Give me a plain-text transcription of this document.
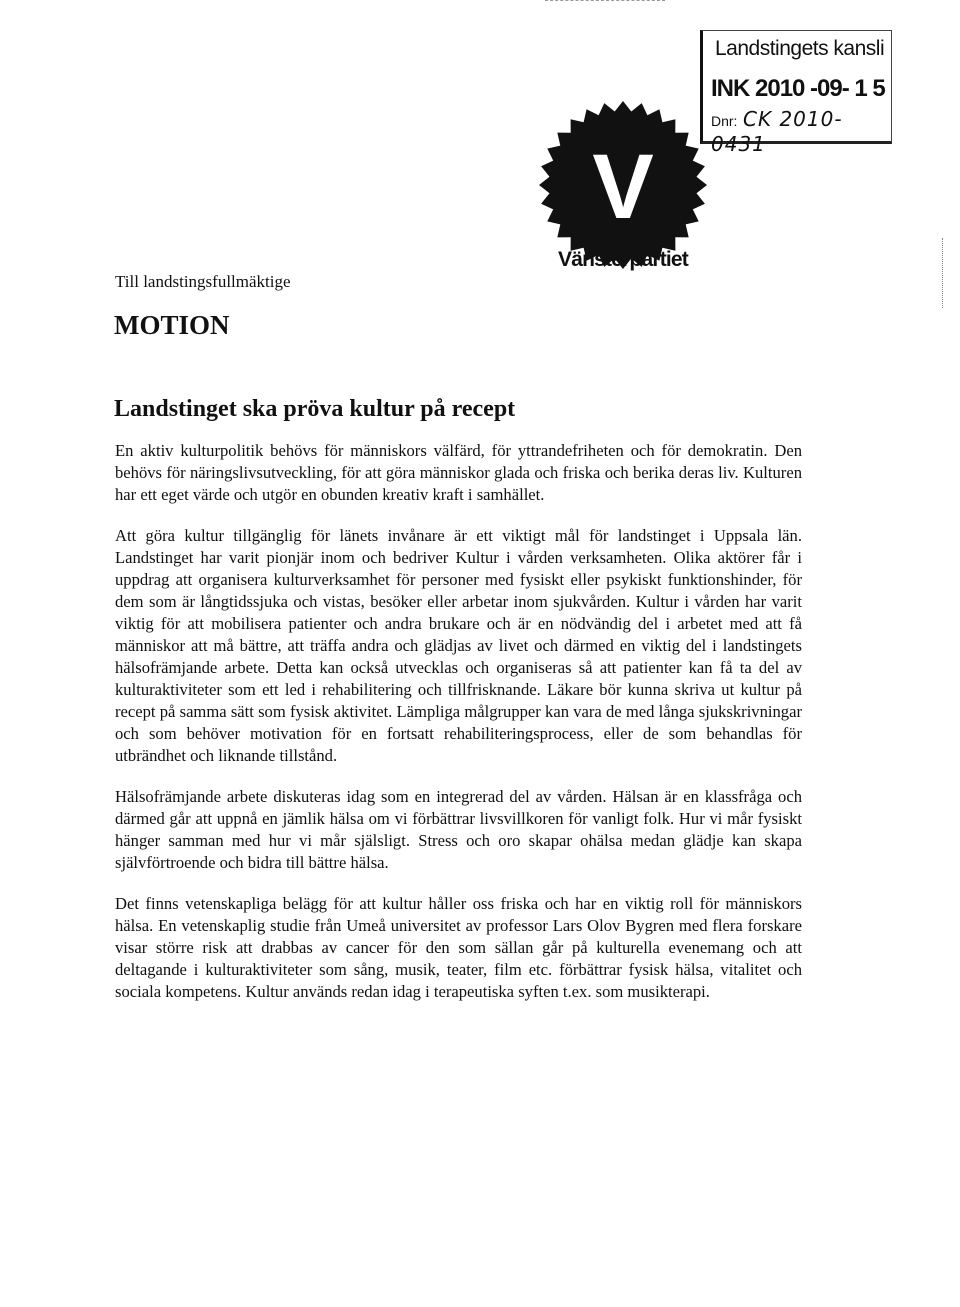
Landstingets kansli
INK 2010 -09- 1 5
Dnr: CK 2010-0431
V
Vänsterpartiet
Till landstingsfullmäktige
MOTION
Landstinget ska pröva kultur på recept

En aktiv kulturpolitik behövs för människors välfärd, för yttrandefriheten och för demokratin. Den behövs för näringslivsutveckling, för att göra människor glada och friska och berika deras liv. Kulturen har ett eget värde och utgör en obunden kreativ kraft i samhället.

Att göra kultur tillgänglig för länets invånare är ett viktigt mål för landstinget i Uppsala län. Landstinget har varit pionjär inom och bedriver Kultur i vården verksamheten. Olika aktörer får i uppdrag att organisera kulturverksamhet för personer med fysiskt eller psykiskt funktionshinder, för dem som är långtidssjuka och vistas, besöker eller arbetar inom sjukvården. Kultur i vården har varit viktig för att mobilisera patienter och andra brukare och är en nödvändig del i arbetet med att få människor att må bättre, att träffa andra och glädjas av livet och därmed en viktig del i landstingets hälsofrämjande arbete. Detta kan också utvecklas och organiseras så att patienter kan få ta del av kulturaktiviteter som ett led i rehabilitering och tillfrisknande. Läkare bör kunna skriva ut kultur på recept på samma sätt som fysisk aktivitet. Lämpliga målgrupper kan vara de med långa sjukskrivningar och som behöver motivation för en fortsatt rehabiliteringsprocess, eller de som behandlas för utbrändhet och liknande tillstånd.

Hälsofrämjande arbete diskuteras idag som en integrerad del av vården. Hälsan är en klassfråga och därmed går att uppnå en jämlik hälsa om vi förbättrar livsvillkoren för vanligt folk. Hur vi mår fysiskt hänger samman med hur vi mår själsligt. Stress och oro skapar ohälsa medan glädje kan skapa självförtroende och bidra till bättre hälsa.

Det finns vetenskapliga belägg för att kultur håller oss friska och har en viktig roll för människors hälsa. En vetenskaplig studie från Umeå universitet av professor Lars Olov Bygren med flera forskare visar större risk att drabbas av cancer för den som sällan går på kulturella evenemang och att deltagande i kulturaktiviteter som sång, musik, teater, film etc. förbättrar fysisk hälsa, vitalitet och sociala kompetens. Kultur används redan idag i terapeutiska syften t.ex. som musikterapi.
